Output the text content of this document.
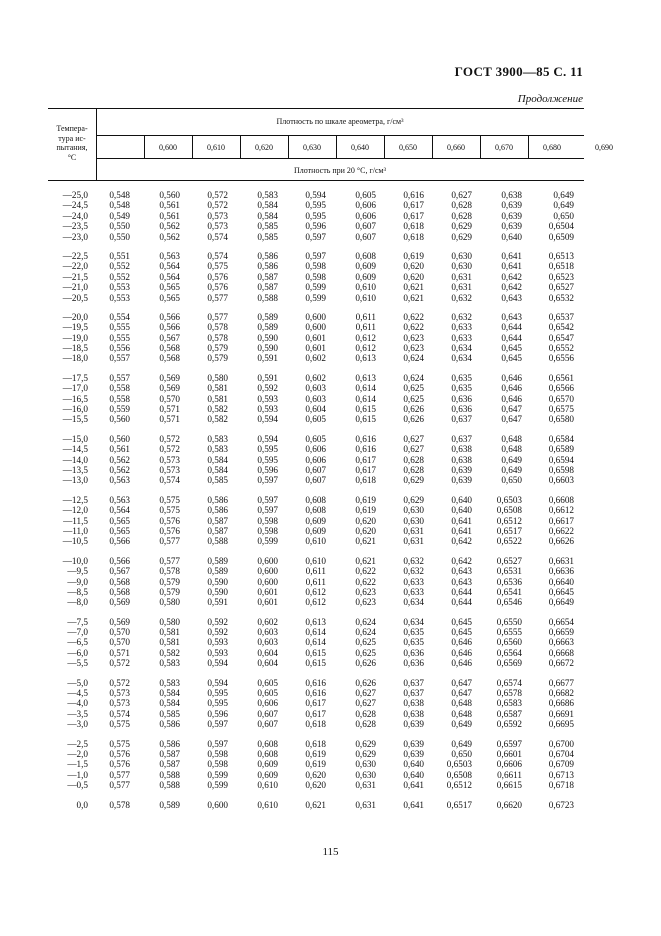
ГОСТ 3900—85 С. 11
Продолжение
Темпера-
тура ис-
пытания,
°С
Плотность по шкале ареометра, г/см³
0,600	0,610	0,620	0,630	0,640	0,650	0,660	0,670	0,680	0,690
Плотность при 20 °С, г/см³
—25,0	0,548	0,560	0,572	0,583	0,594	0,605	0,616	0,627	0,638	0,649
—24,5	0,548	0,561	0,572	0,584	0,595	0,606	0,617	0,628	0,639	0,649
—24,0	0,549	0,561	0,573	0,584	0,595	0,606	0,617	0,628	0,639	0,650
—23,5	0,550	0,562	0,573	0,585	0,596	0,607	0,618	0,629	0,639	0,6504
—23,0	0,550	0,562	0,574	0,585	0,597	0,607	0,618	0,629	0,640	0,6509
—22,5	0,551	0,563	0,574	0,586	0,597	0,608	0,619	0,630	0,641	0,6513
—22,0	0,552	0,564	0,575	0,586	0,598	0,609	0,620	0,630	0,641	0,6518
—21,5	0,552	0,564	0,576	0,587	0,598	0,609	0,620	0,631	0,642	0,6523
—21,0	0,553	0,565	0,576	0,587	0,599	0,610	0,621	0,631	0,642	0,6527
—20,5	0,553	0,565	0,577	0,588	0,599	0,610	0,621	0,632	0,643	0,6532
—20,0	0,554	0,566	0,577	0,589	0,600	0,611	0,622	0,632	0,643	0,6537
—19,5	0,555	0,566	0,578	0,589	0,600	0,611	0,622	0,633	0,644	0,6542
—19,0	0,555	0,567	0,578	0,590	0,601	0,612	0,623	0,633	0,644	0,6547
—18,5	0,556	0,568	0,579	0,590	0,601	0,612	0,623	0,634	0,645	0,6552
—18,0	0,557	0,568	0,579	0,591	0,602	0,613	0,624	0,634	0,645	0,6556
—17,5	0,557	0,569	0,580	0,591	0,602	0,613	0,624	0,635	0,646	0,6561
—17,0	0,558	0,569	0,581	0,592	0,603	0,614	0,625	0,635	0,646	0,6566
—16,5	0,558	0,570	0,581	0,593	0,603	0,614	0,625	0,636	0,646	0,6570
—16,0	0,559	0,571	0,582	0,593	0,604	0,615	0,626	0,636	0,647	0,6575
—15,5	0,560	0,571	0,582	0,594	0,605	0,615	0,626	0,637	0,647	0,6580
—15,0	0,560	0,572	0,583	0,594	0,605	0,616	0,627	0,637	0,648	0,6584
—14,5	0,561	0,572	0,583	0,595	0,606	0,616	0,627	0,638	0,648	0,6589
—14,0	0,562	0,573	0,584	0,595	0,606	0,617	0,628	0,638	0,649	0,6594
—13,5	0,562	0,573	0,584	0,596	0,607	0,617	0,628	0,639	0,649	0,6598
—13,0	0,563	0,574	0,585	0,597	0,607	0,618	0,629	0,639	0,650	0,6603
—12,5	0,563	0,575	0,586	0,597	0,608	0,619	0,629	0,640	0,6503	0,6608
—12,0	0,564	0,575	0,586	0,597	0,608	0,619	0,630	0,640	0,6508	0,6612
—11,5	0,565	0,576	0,587	0,598	0,609	0,620	0,630	0,641	0,6512	0,6617
—11,0	0,565	0,576	0,587	0,598	0,609	0,620	0,631	0,641	0,6517	0,6622
—10,5	0,566	0,577	0,588	0,599	0,610	0,621	0,631	0,642	0,6522	0,6626
—10,0	0,566	0,577	0,589	0,600	0,610	0,621	0,632	0,642	0,6527	0,6631
—9,5	0,567	0,578	0,589	0,600	0,611	0,622	0,632	0,643	0,6531	0,6636
—9,0	0,568	0,579	0,590	0,600	0,611	0,622	0,633	0,643	0,6536	0,6640
—8,5	0,568	0,579	0,590	0,601	0,612	0,623	0,633	0,644	0,6541	0,6645
—8,0	0,569	0,580	0,591	0,601	0,612	0,623	0,634	0,644	0,6546	0,6649
—7,5	0,569	0,580	0,592	0,602	0,613	0,624	0,634	0,645	0,6550	0,6654
—7,0	0,570	0,581	0,592	0,603	0,614	0,624	0,635	0,645	0,6555	0,6659
—6,5	0,570	0,581	0,593	0,603	0,614	0,625	0,635	0,646	0,6560	0,6663
—6,0	0,571	0,582	0,593	0,604	0,615	0,625	0,636	0,646	0,6564	0,6668
—5,5	0,572	0,583	0,594	0,604	0,615	0,626	0,636	0,646	0,6569	0,6672
—5,0	0,572	0,583	0,594	0,605	0,616	0,626	0,637	0,647	0,6574	0,6677
—4,5	0,573	0,584	0,595	0,605	0,616	0,627	0,637	0,647	0,6578	0,6682
—4,0	0,573	0,584	0,595	0,606	0,617	0,627	0,638	0,648	0,6583	0,6686
—3,5	0,574	0,585	0,596	0,607	0,617	0,628	0,638	0,648	0,6587	0,6691
—3,0	0,575	0,586	0,597	0,607	0,618	0,628	0,639	0,649	0,6592	0,6695
—2,5	0,575	0,586	0,597	0,608	0,618	0,629	0,639	0,649	0,6597	0,6700
—2,0	0,576	0,587	0,598	0,608	0,619	0,629	0,639	0,650	0,6601	0,6704
—1,5	0,576	0,587	0,598	0,609	0,619	0,630	0,640	0,6503	0,6606	0,6709
—1,0	0,577	0,588	0,599	0,609	0,620	0,630	0,640	0,6508	0,6611	0,6713
—0,5	0,577	0,588	0,599	0,610	0,620	0,631	0,641	0,6512	0,6615	0,6718
0,0	0,578	0,589	0,600	0,610	0,621	0,631	0,641	0,6517	0,6620	0,6723
115
